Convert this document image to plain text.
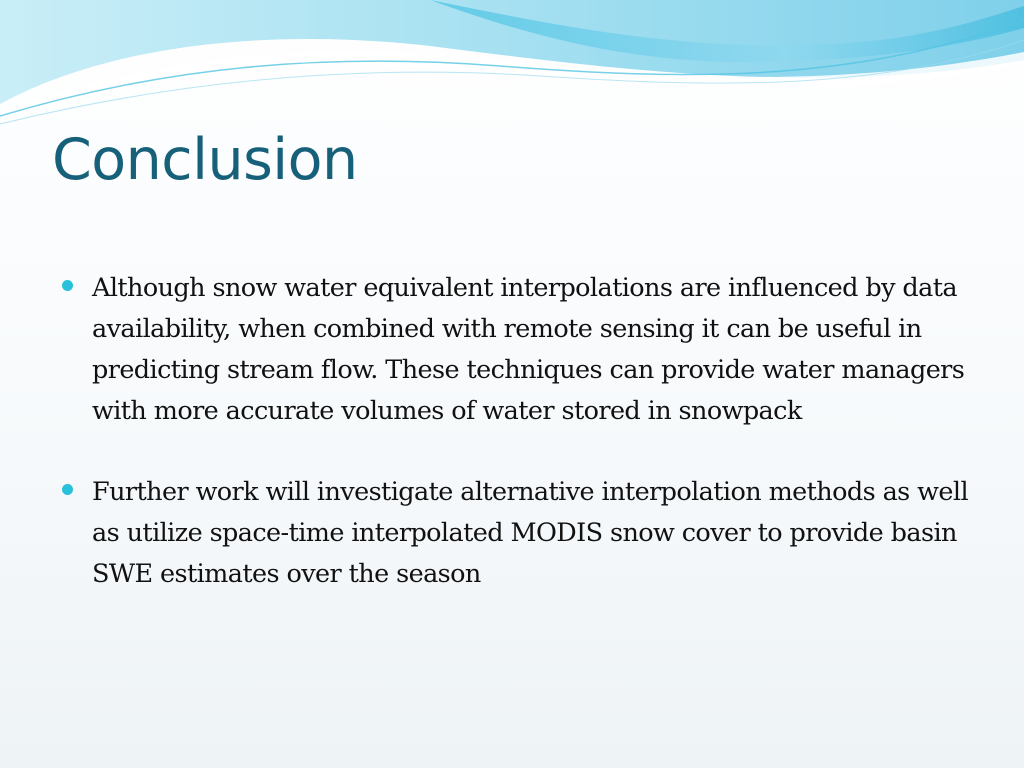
Conclusion
Although snow water equivalent interpolations are influenced by data availability, when combined with remote sensing it can be useful in predicting stream flow. These techniques can provide water managers with more accurate volumes of water stored in snowpack
Further work will investigate alternative interpolation methods as well as utilize space-time interpolated MODIS snow cover to provide basin SWE estimates over the season
